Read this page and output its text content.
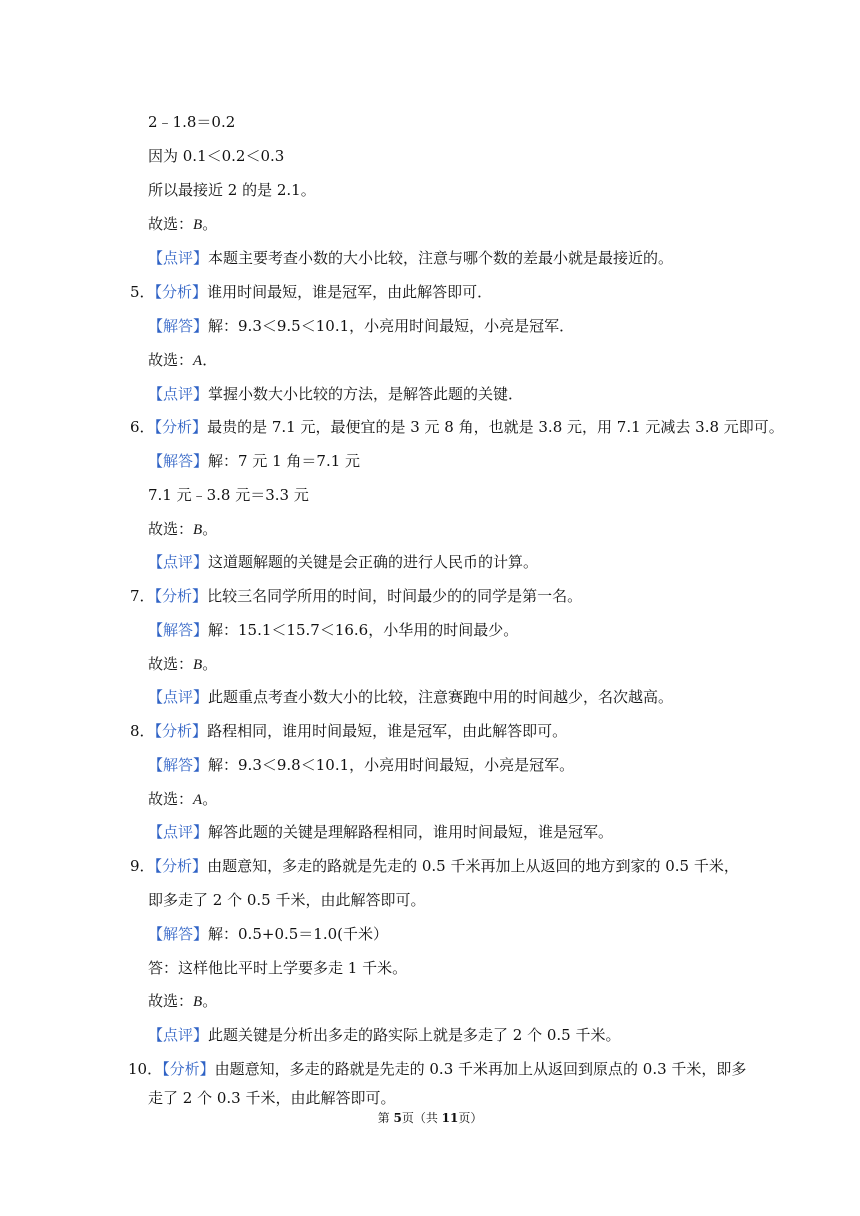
2﹣1.8＝0.2
因为 0.1＜0.2＜0.3
所以最接近 2 的是 2.1。
故选：B。
【点评】本题主要考查小数的大小比较，注意与哪个数的差最小就是最接近的。
5．【分析】谁用时间最短，谁是冠军，由此解答即可．
【解答】解：9.3＜9.5＜10.1，小亮用时间最短，小亮是冠军．
故选：A．
【点评】掌握小数大小比较的方法，是解答此题的关键．
6．【分析】最贵的是 7.1 元，最便宜的是 3 元 8 角，也就是 3.8 元，用 7.1 元减去 3.8 元即可。
【解答】解：7 元 1 角＝7.1 元
7.1 元﹣3.8 元＝3.3 元
故选：B。
【点评】这道题解题的关键是会正确的进行人民币的计算。
7．【分析】比较三名同学所用的时间，时间最少的的同学是第一名。
【解答】解：15.1＜15.7＜16.6，小华用的时间最少。
故选：B。
【点评】此题重点考查小数大小的比较，注意赛跑中用的时间越少，名次越高。
8．【分析】路程相同，谁用时间最短，谁是冠军，由此解答即可。
【解答】解：9.3＜9.8＜10.1，小亮用时间最短，小亮是冠军。
故选：A。
【点评】解答此题的关键是理解路程相同，谁用时间最短，谁是冠军。
9．【分析】由题意知，多走的路就是先走的 0.5 千米再加上从返回的地方到家的 0.5 千米，
即多走了 2 个 0.5 千米，由此解答即可。
【解答】解：0.5+0.5＝1.0(千米）
答：这样他比平时上学要多走 1 千米。
故选：B。
【点评】此题关键是分析出多走的路实际上就是多走了 2 个 0.5 千米。
10．【分析】由题意知，多走的路就是先走的 0.3 千米再加上从返回到原点的 0.3 千米，即多
走了 2 个 0.3 千米，由此解答即可。
第 5页（共 11页）
